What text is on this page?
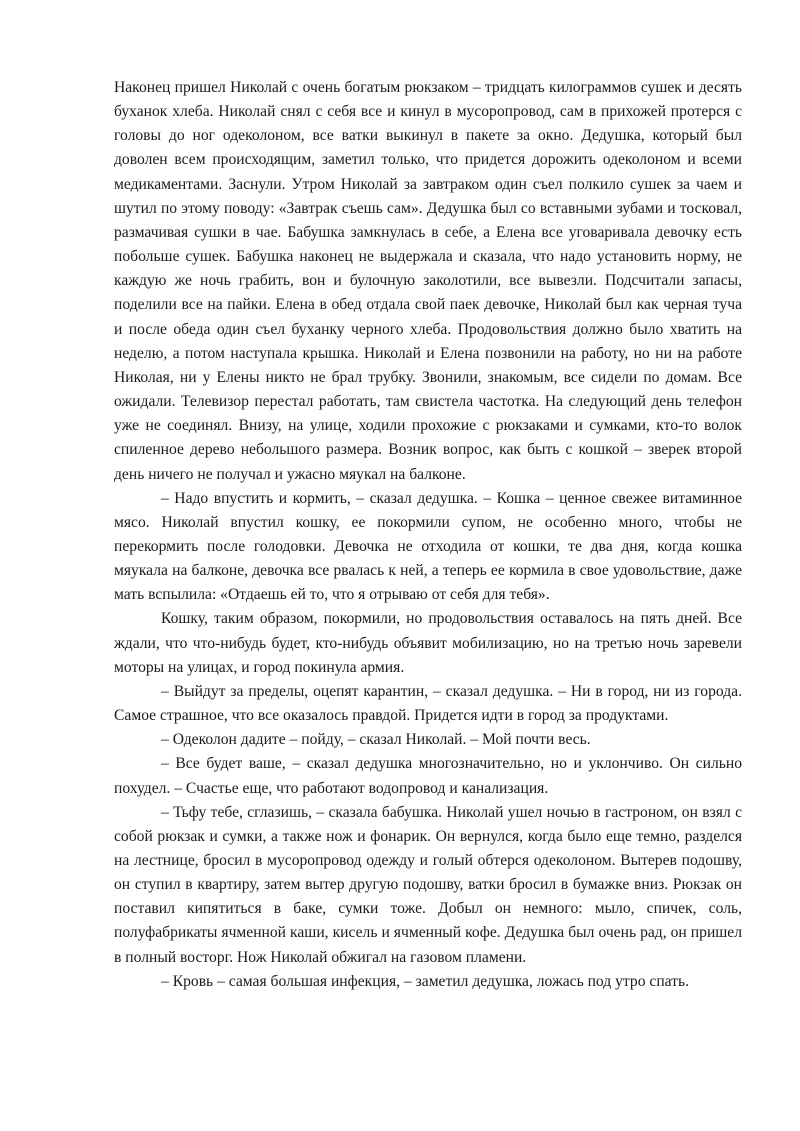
Наконец пришел Николай с очень богатым рюкзаком – тридцать килограммов сушек и десять буханок хлеба. Николай снял с себя все и кинул в мусоропровод, сам в прихожей протерся с головы до ног одеколоном, все ватки выкинул в пакете за окно. Дедушка, который был доволен всем происходящим, заметил только, что придется дорожить одеколоном и всеми медикаментами. Заснули. Утром Николай за завтраком один съел полкило сушек за чаем и шутил по этому поводу: «Завтрак съешь сам». Дедушка был со вставными зубами и тосковал, размачивая сушки в чае. Бабушка замкнулась в себе, а Елена все уговаривала девочку есть побольше сушек. Бабушка наконец не выдержала и сказала, что надо установить норму, не каждую же ночь грабить, вон и булочную заколотили, все вывезли. Подсчитали запасы, поделили все на пайки. Елена в обед отдала свой паек девочке, Николай был как черная туча и после обеда один съел буханку черного хлеба. Продовольствия должно было хватить на неделю, а потом наступала крышка. Николай и Елена позвонили на работу, но ни на работе Николая, ни у Елены никто не брал трубку. Звонили, знакомым, все сидели по домам. Все ожидали. Телевизор перестал работать, там свистела частотка. На следующий день телефон уже не соединял. Внизу, на улице, ходили прохожие с рюкзаками и сумками, кто-то волок спиленное дерево небольшого размера. Возник вопрос, как быть с кошкой – зверек второй день ничего не получал и ужасно мяукал на балконе.

– Надо впустить и кормить, – сказал дедушка. – Кошка – ценное свежее витаминное мясо. Николай впустил кошку, ее покормили супом, не особенно много, чтобы не перекормить после голодовки. Девочка не отходила от кошки, те два дня, когда кошка мяукала на балконе, девочка все рвалась к ней, а теперь ее кормила в свое удовольствие, даже мать вспылила: «Отдаешь ей то, что я отрываю от себя для тебя».

Кошку, таким образом, покормили, но продовольствия оставалось на пять дней. Все ждали, что что-нибудь будет, кто-нибудь объявит мобилизацию, но на третью ночь заревели моторы на улицах, и город покинула армия.

– Выйдут за пределы, оцепят карантин, – сказал дедушка. – Ни в город, ни из города. Самое страшное, что все оказалось правдой. Придется идти в город за продуктами.

– Одеколон дадите – пойду, – сказал Николай. – Мой почти весь.

– Все будет ваше, – сказал дедушка многозначительно, но и уклончиво. Он сильно похудел. – Счастье еще, что работают водопровод и канализация.

– Тьфу тебе, сглазишь, – сказала бабушка. Николай ушел ночью в гастроном, он взял с собой рюкзак и сумки, а также нож и фонарик. Он вернулся, когда было еще темно, разделся на лестнице, бросил в мусоропровод одежду и голый обтерся одеколоном. Вытерев подошву, он ступил в квартиру, затем вытер другую подошву, ватки бросил в бумажке вниз. Рюкзак он поставил кипятиться в баке, сумки тоже. Добыл он немного: мыло, спичек, соль, полуфабрикаты ячменной каши, кисель и ячменный кофе. Дедушка был очень рад, он пришел в полный восторг. Нож Николай обжигал на газовом пламени.

– Кровь – самая большая инфекция, – заметил дедушка, ложась под утро спать.
